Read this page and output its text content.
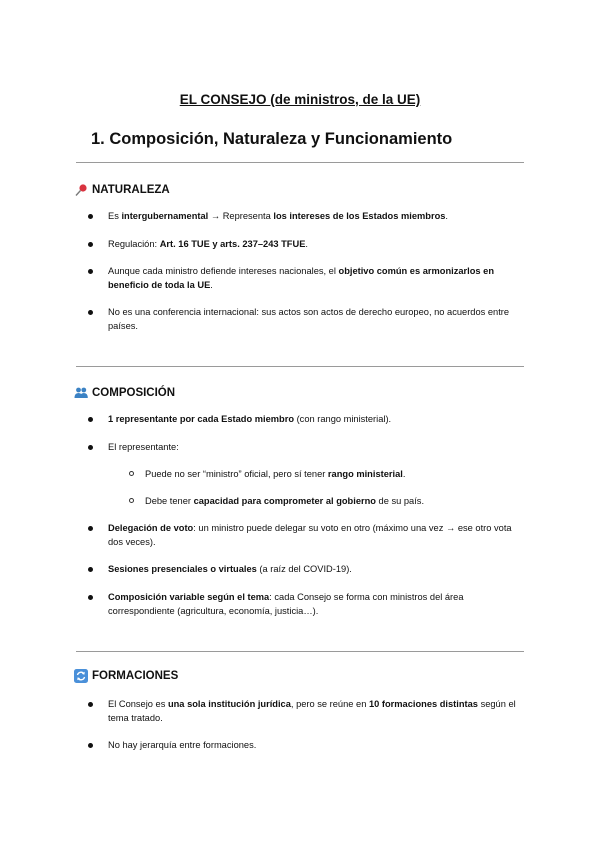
EL CONSEJO (de ministros, de la UE)
1. Composición, Naturaleza y Funcionamiento
NATURALEZA
Es intergubernamental → Representa los intereses de los Estados miembros.
Regulación: Art. 16 TUE y arts. 237–243 TFUE.
Aunque cada ministro defiende intereses nacionales, el objetivo común es armonizarlos en beneficio de toda la UE.
No es una conferencia internacional: sus actos son actos de derecho europeo, no acuerdos entre países.
COMPOSICIÓN
1 representante por cada Estado miembro (con rango ministerial).
El representante:
Puede no ser “ministro” oficial, pero sí tener rango ministerial.
Debe tener capacidad para comprometer al gobierno de su país.
Delegación de voto: un ministro puede delegar su voto en otro (máximo una vez → ese otro vota dos veces).
Sesiones presenciales o virtuales (a raíz del COVID-19).
Composición variable según el tema: cada Consejo se forma con ministros del área correspondiente (agricultura, economía, justicia…).
FORMACIONES
El Consejo es una sola institución jurídica, pero se reúne en 10 formaciones distintas según el tema tratado.
No hay jerarquía entre formaciones.
